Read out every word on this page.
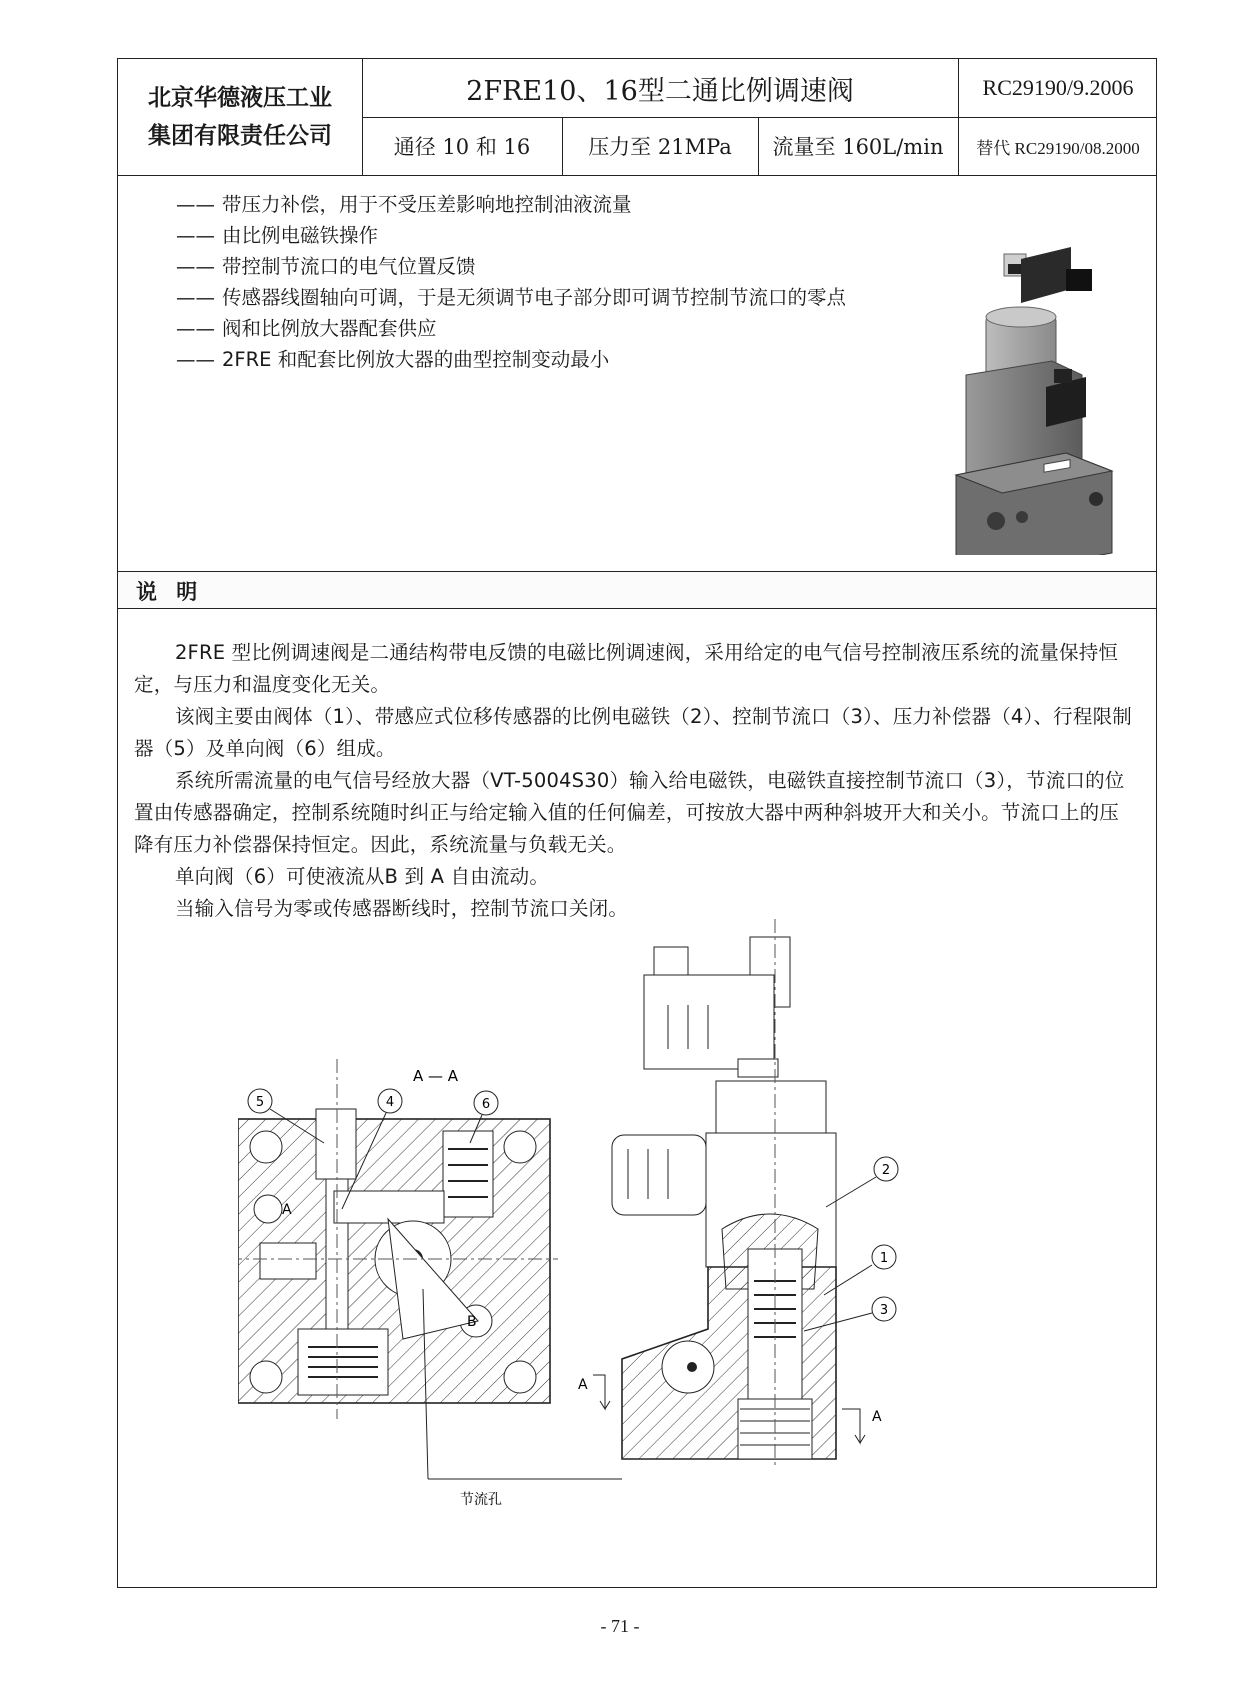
北京华德液压工业
集团有限责任公司
2FRE10、16型二通比例调速阀	RC29190/9.2006
通径 10 和 16	压力至 21MPa	流量至 160L/min	替代 RC29190/08.2000
—— 带压力补偿，用于不受压差影响地控制油液流量
—— 由比例电磁铁操作
—— 带控制节流口的电气位置反馈
—— 传感器线圈轴向可调，于是无须调节电子部分即可调节控制节流口的零点
—— 阀和比例放大器配套供应
—— 2FRE 和配套比例放大器的曲型控制变动最小
说 明

2FRE 型比例调速阀是二通结构带电反馈的电磁比例调速阀，采用给定的电气信号控制液压系统的流量保持恒定，与压力和温度变化无关。

该阀主要由阀体（1）、带感应式位移传感器的比例电磁铁（2）、控制节流口（3）、压力补偿器（4）、行程限制器（5）及单向阀（6）组成。

系统所需流量的电气信号经放大器（VT-5004S30）输入给电磁铁，电磁铁直接控制节流口（3），节流口的位置由传感器确定，控制系统随时纠正与给定输入值的任何偏差，可按放大器中两种斜坡开大和关小。节流口上的压降有压力补偿器保持恒定。因此，系统流量与负载无关。

单向阀（6）可使液流从B 到 A 自由流动。

当输入信号为零或传感器断线时，控制节流口关闭。

A — A
5	4	6
A
B
节流孔
2
1
3
A
A
- 71 -
